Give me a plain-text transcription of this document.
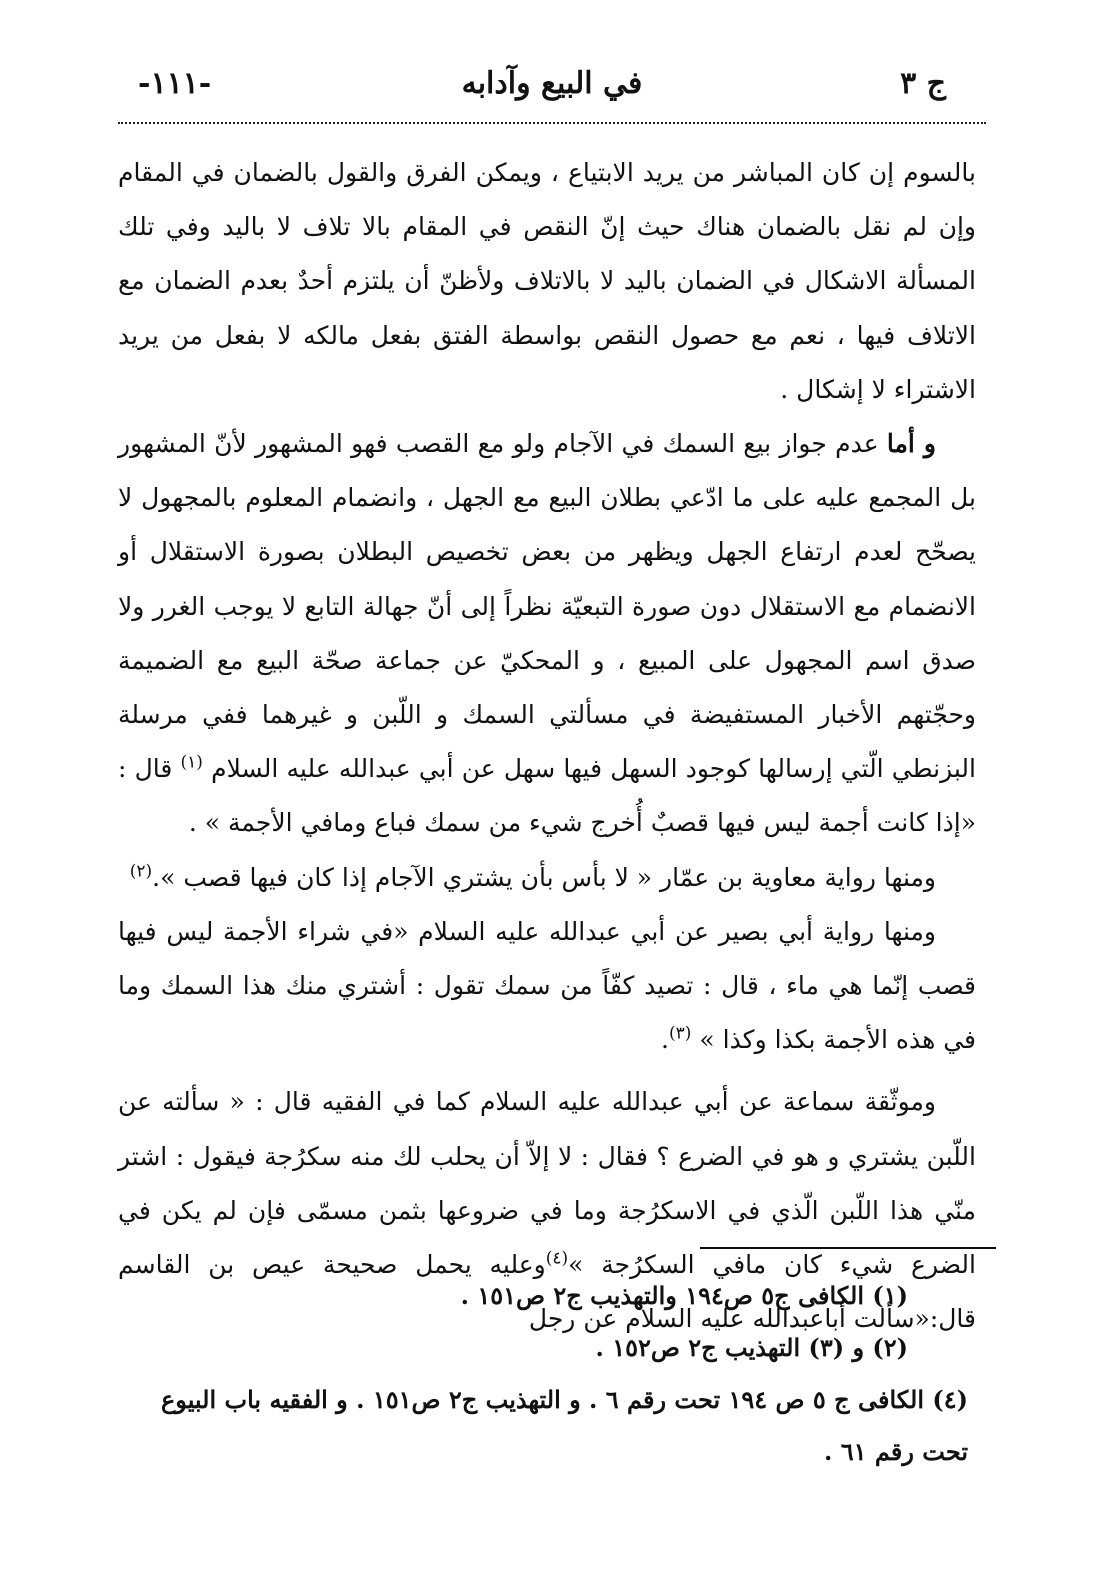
ج ٣
في البيع وآدابه
-١١١-

بالسوم إن كان المباشر من يريد الابتياع ، ويمكن الفرق والقول بالضمان في المقام وإن لم نقل بالضمان هناك حيث إنّ النقص في المقام بالا تلاف لا باليد وفي تلك المسألة الاشكال في الضمان باليد لا بالاتلاف ولأظنّ أن يلتزم أحدٌ بعدم الضمان مع الاتلاف فيها ، نعم مع حصول النقص بواسطة الفتق بفعل مالكه لا بفعل من يريد الاشتراء لا إشكال .

و أما عدم جواز بيع السمك في الآجام ولو مع القصب فهو المشهور لأنّ المشهور بل المجمع عليه على ما ادّعي بطلان البيع مع الجهل ، وانضمام المعلوم بالمجهول لا يصحّح لعدم ارتفاع الجهل ويظهر من بعض تخصيص البطلان بصورة الاستقلال أو الانضمام مع الاستقلال دون صورة التبعيّة نظراً إلى أنّ جهالة التابع لا يوجب الغرر ولا صدق اسم المجهول على المبيع ، و المحكيّ عن جماعة صحّة البيع مع الضميمة وحجّتهم الأخبار المستفيضة في مسألتي السمك و اللّبن و غيرهما ففي مرسلة البزنطي الّتي إرسالها كوجود السهل فيها سهل عن أبي عبدالله عليه السلام $^{(١)}$ قال : «إذا كانت أجمة ليس فيها قصبٌ أُخرج شيء من سمك فباع ومافي الأجمة » .

ومنها رواية معاوية بن عمّار « لا بأس بأن يشتري الآجام إذا كان فيها قصب ».$^{(٢)}$

ومنها رواية أبي بصير عن أبي عبدالله عليه السلام «في شراء الأجمة ليس فيها قصب إنّما هي ماء ، قال : تصيد كفّاً من سمك تقول : أشتري منك هذا السمك وما في هذه الأجمة بكذا وكذا » $^{(٣)}$.

وموثّقة سماعة عن أبي عبدالله عليه السلام كما في الفقيه قال : « سألته عن اللّبن يشتري و هو في الضرع ؟ فقال : لا إلاّ أن يحلب لك منه سكرُجة فيقول : اشتر منّي هذا اللّبن الّذي في الاسكرُجة وما في ضروعها بثمن مسمّى فإن لم يكن في الضرع شيء كان مافي السكرُجة »$^{(٤)}$وعليه يحمل صحيحة عيص بن القاسم قال:«سألت أباعبدالله عليه السلام عن رجل

(١) الكافى ج٥ ص١٩٤ والتهذيب ج٢ ص١٥١ .

(٢) و (٣) التهذيب ج٢ ص١٥٢ .

(٤) الكافى ج ٥ ص ١٩٤ تحت رقم ٦ . و التهذيب ج٢ ص١٥١ . و الفقيه باب البيوع تحت رقم ٦١ .
